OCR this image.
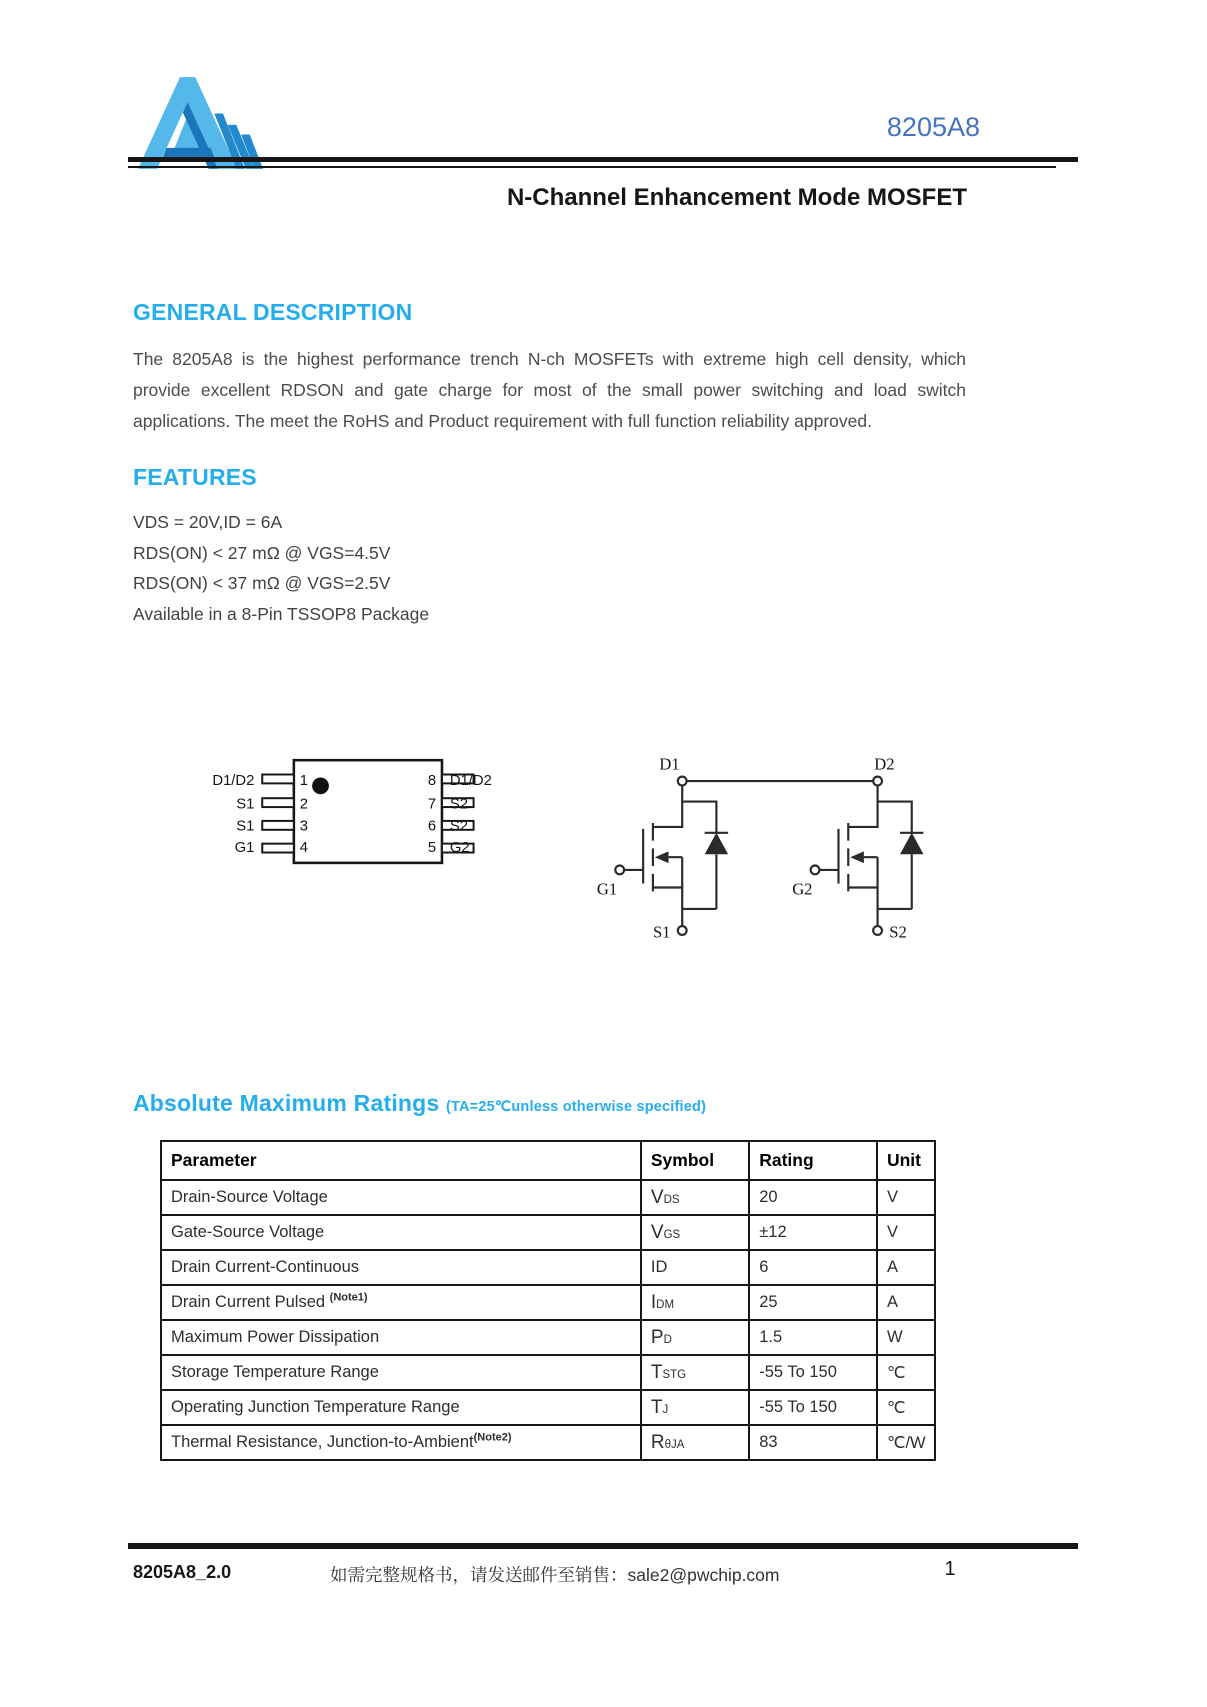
8205A8
N-Channel Enhancement Mode MOSFET
GENERAL DESCRIPTION
The 8205A8 is the highest performance trench N-ch MOSFETs with extreme high cell density, which provide excellent RDSON and gate charge for most of the small power switching and load switch applications. The meet the RoHS and Product requirement with full function reliability approved.
FEATURES
VDS = 20V,ID = 6A
RDS(ON) < 27 mΩ @ VGS=4.5V
RDS(ON) < 37 mΩ @ VGS=2.5V
Available in a 8-Pin TSSOP8 Package
1
2
3
4
8
7
6
5
D1/D2
S1
S1
G1
D1/D2
S2
S2
G2
D1	D2
G1	G2
S1	S2
Absolute Maximum Ratings (TA=25℃unless otherwise specified)
Parameter	Symbol	Rating	Unit
Drain-Source Voltage	VDS	20	V
Gate-Source Voltage	VGS	±12	V
Drain Current-Continuous	ID	6	A
Drain Current Pulsed $^{(Note1)}$	IDM	25	A
Maximum Power Dissipation	PD	1.5	W
Storage Temperature Range	TSTG	-55 To 150	℃
Operating Junction Temperature Range	TJ	-55 To 150	℃
Thermal Resistance, Junction-to-Ambient$^{(Note2)}$	RθJA	83	℃/W
8205A8_2.0	如需完整规格书，请发送邮件至销售：sale2@pwchip.com	1
